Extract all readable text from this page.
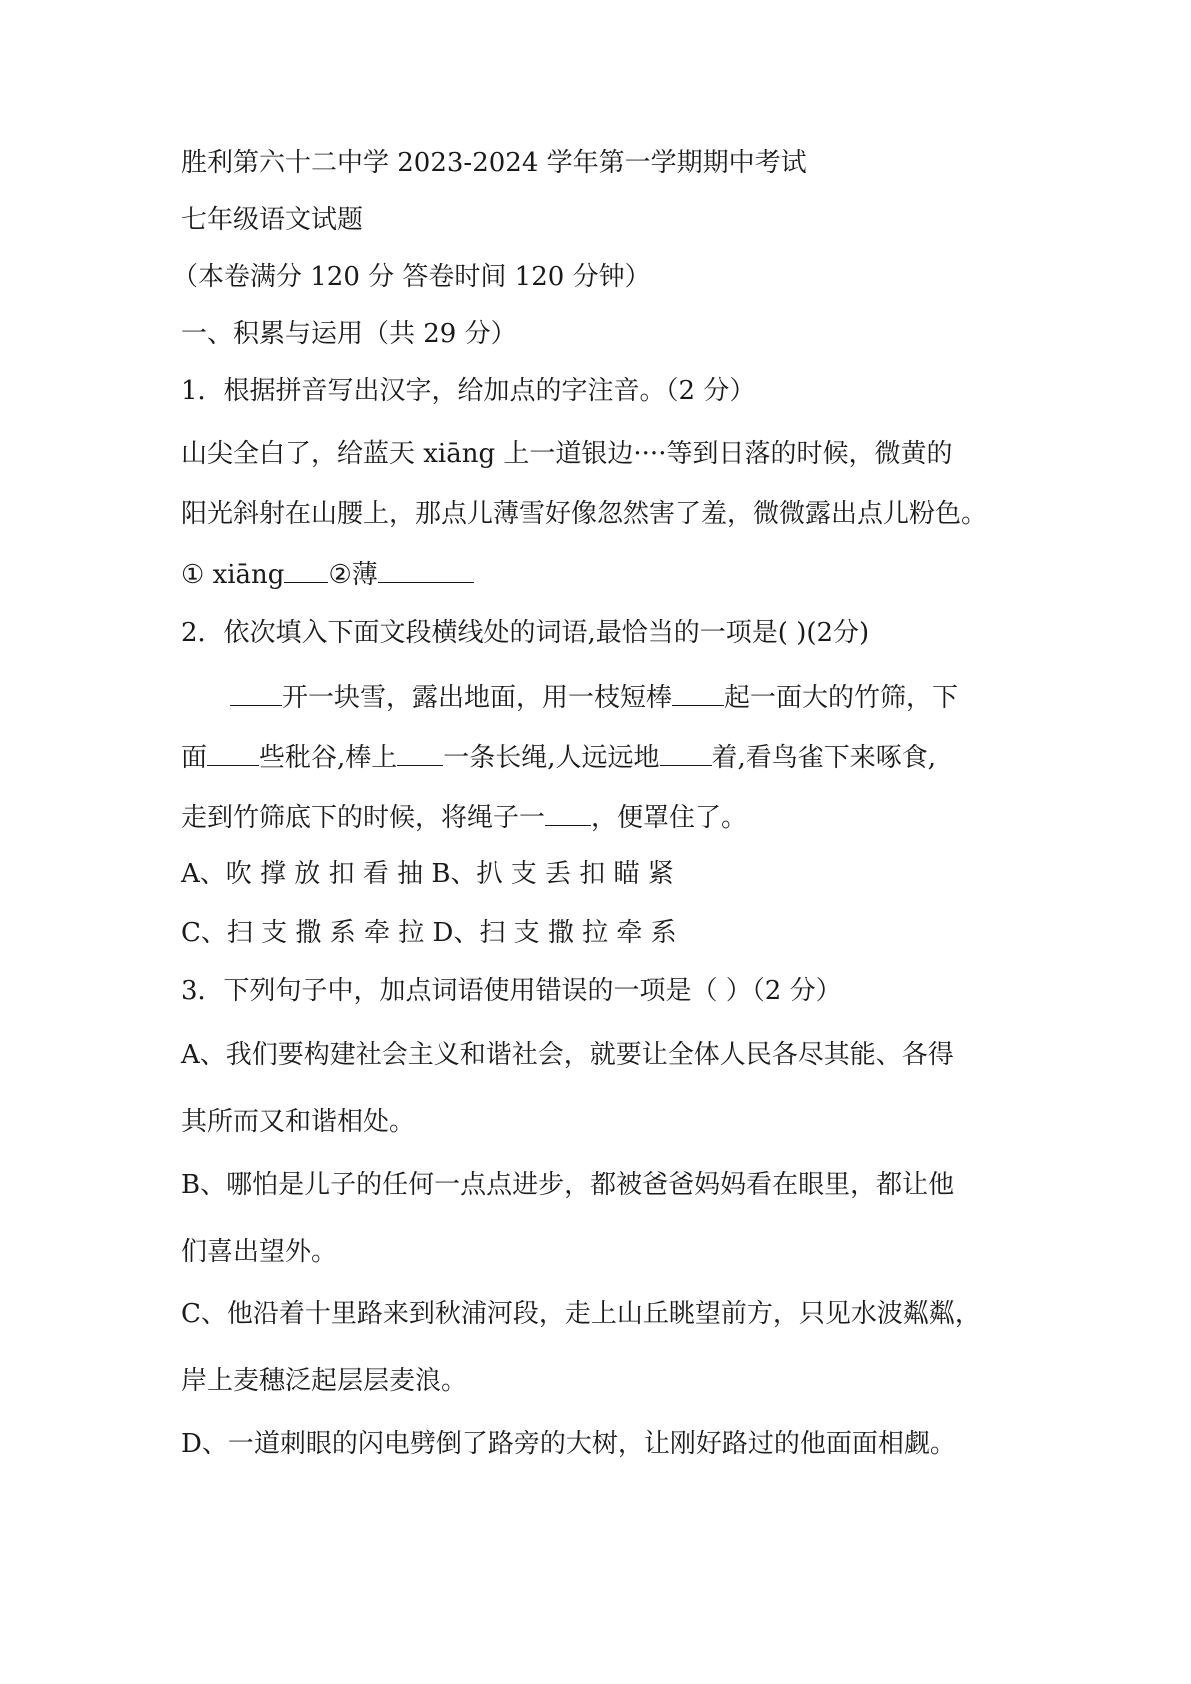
胜利第六十二中学 2023-2024 学年第一学期期中考试
七年级语文试题
（本卷满分 120 分 答卷时间 120 分钟）
一、积累与运用（共 29 分）
1．根据拼音写出汉字，给加点的字注音。（2 分）
山尖全白了，给蓝天 xiāng 上一道银边····等到日落的时候，微黄的
阳光斜射在山腰上，那点儿薄雪好像忽然害了羞，微微露出点儿粉色。
① xiāng ②薄
2．依次填入下面文段横线处的词语,最恰当的一项是( )(2分)
开一块雪，露出地面，用一枝短棒 起一面大的竹筛，下
面 些秕谷,棒上 一条长绳,人远远地 着,看鸟雀下来啄食,
走到竹筛底下的时候，将绳子一 ，便罩住了。
A、吹 撑 放 扣 看 抽 B、扒 支 丢 扣 瞄 紧
C、扫 支 撒 系 牵 拉 D、扫 支 撒 拉 牵 系
3．下列句子中，加点词语使用错误的一项是（ ）（2 分）
A、我们要构建社会主义和谐社会，就要让全体人民各尽其能、各得
其所而又和谐相处。
B、哪怕是儿子的任何一点点进步，都被爸爸妈妈看在眼里，都让他
们喜出望外。
C、他沿着十里路来到秋浦河段，走上山丘眺望前方，只见水波粼粼，
岸上麦穗泛起层层麦浪。
D、一道刺眼的闪电劈倒了路旁的大树，让刚好路过的他面面相觑。
